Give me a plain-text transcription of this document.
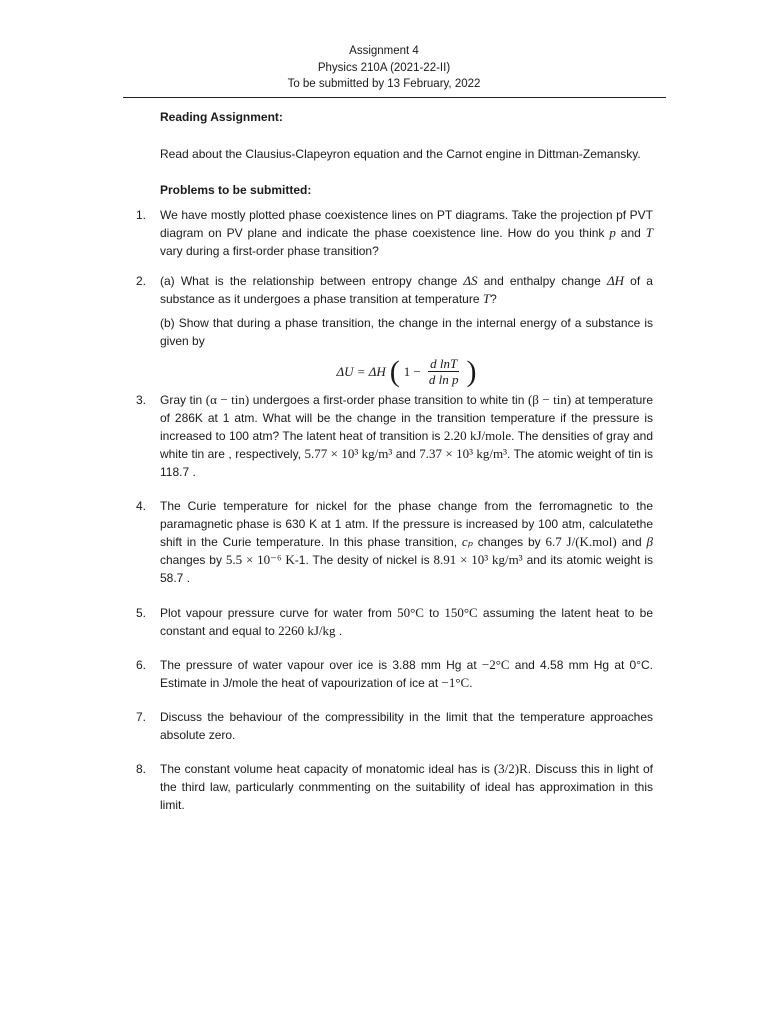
Assignment 4
Physics 210A (2021-22-II)
To be submitted by 13 February, 2022

Reading Assignment:

Read about the Clausius-Clapeyron equation and the Carnot engine in Dittman-Zemansky.

Problems to be submitted:

1. We have mostly plotted phase coexistence lines on PT diagrams. Take the projection pf PVT diagram on PV plane and indicate the phase coexistence line. How do you think p and T vary during a first-order phase transition?
2. (a) What is the relationship between entropy change ΔS and enthalpy change ΔH of a substance as it undergoes a phase transition at temperature T?

(b) Show that during a phase transition, the change in the internal energy of a substance is given by

ΔU = ΔH ( $1 - \frac{\text{d lnT}}{\text{d ln p}}$ )
3. Gray tin (α − tin) undergoes a first-order phase transition to white tin (β − tin) at temperature of 286K at 1 atm. What will be the change in the transition temperature if the pressure is increased to 100 atm? The latent heat of transition is 2.20 kJ/mole. The densities of gray and white tin are , respectively, 5.77 × 10³ kg/m³ and 7.37 × 10³ kg/m³. The atomic weight of tin is 118.7 .
4. The Curie temperature for nickel for the phase change from the ferromagnetic to the paramagnetic phase is 630 K at 1 atm. If the pressure is increased by 100 atm, calculatethe shift in the Curie temperature. In this phase transition, cₚ changes by 6.7 J/(K.mol) and β changes by 5.5 × 10⁻⁶ K-1. The desity of nickel is 8.91 × 10³ kg/m³ and its atomic weight is 58.7 .
5. Plot vapour pressure curve for water from 50°C to 150°C assuming the latent heat to be constant and equal to 2260 kJ/kg .
6. The pressure of water vapour over ice is 3.88 mm Hg at −2°C and 4.58 mm Hg at 0°C. Estimate in J/mole the heat of vapourization of ice at −1°C.
7. Discuss the behaviour of the compressibility in the limit that the temperature approaches absolute zero.
8. The constant volume heat capacity of monatomic ideal has is (3/2)R. Discuss this in light of the third law, particularly conmmenting on the suitability of ideal has approximation in this limit.
